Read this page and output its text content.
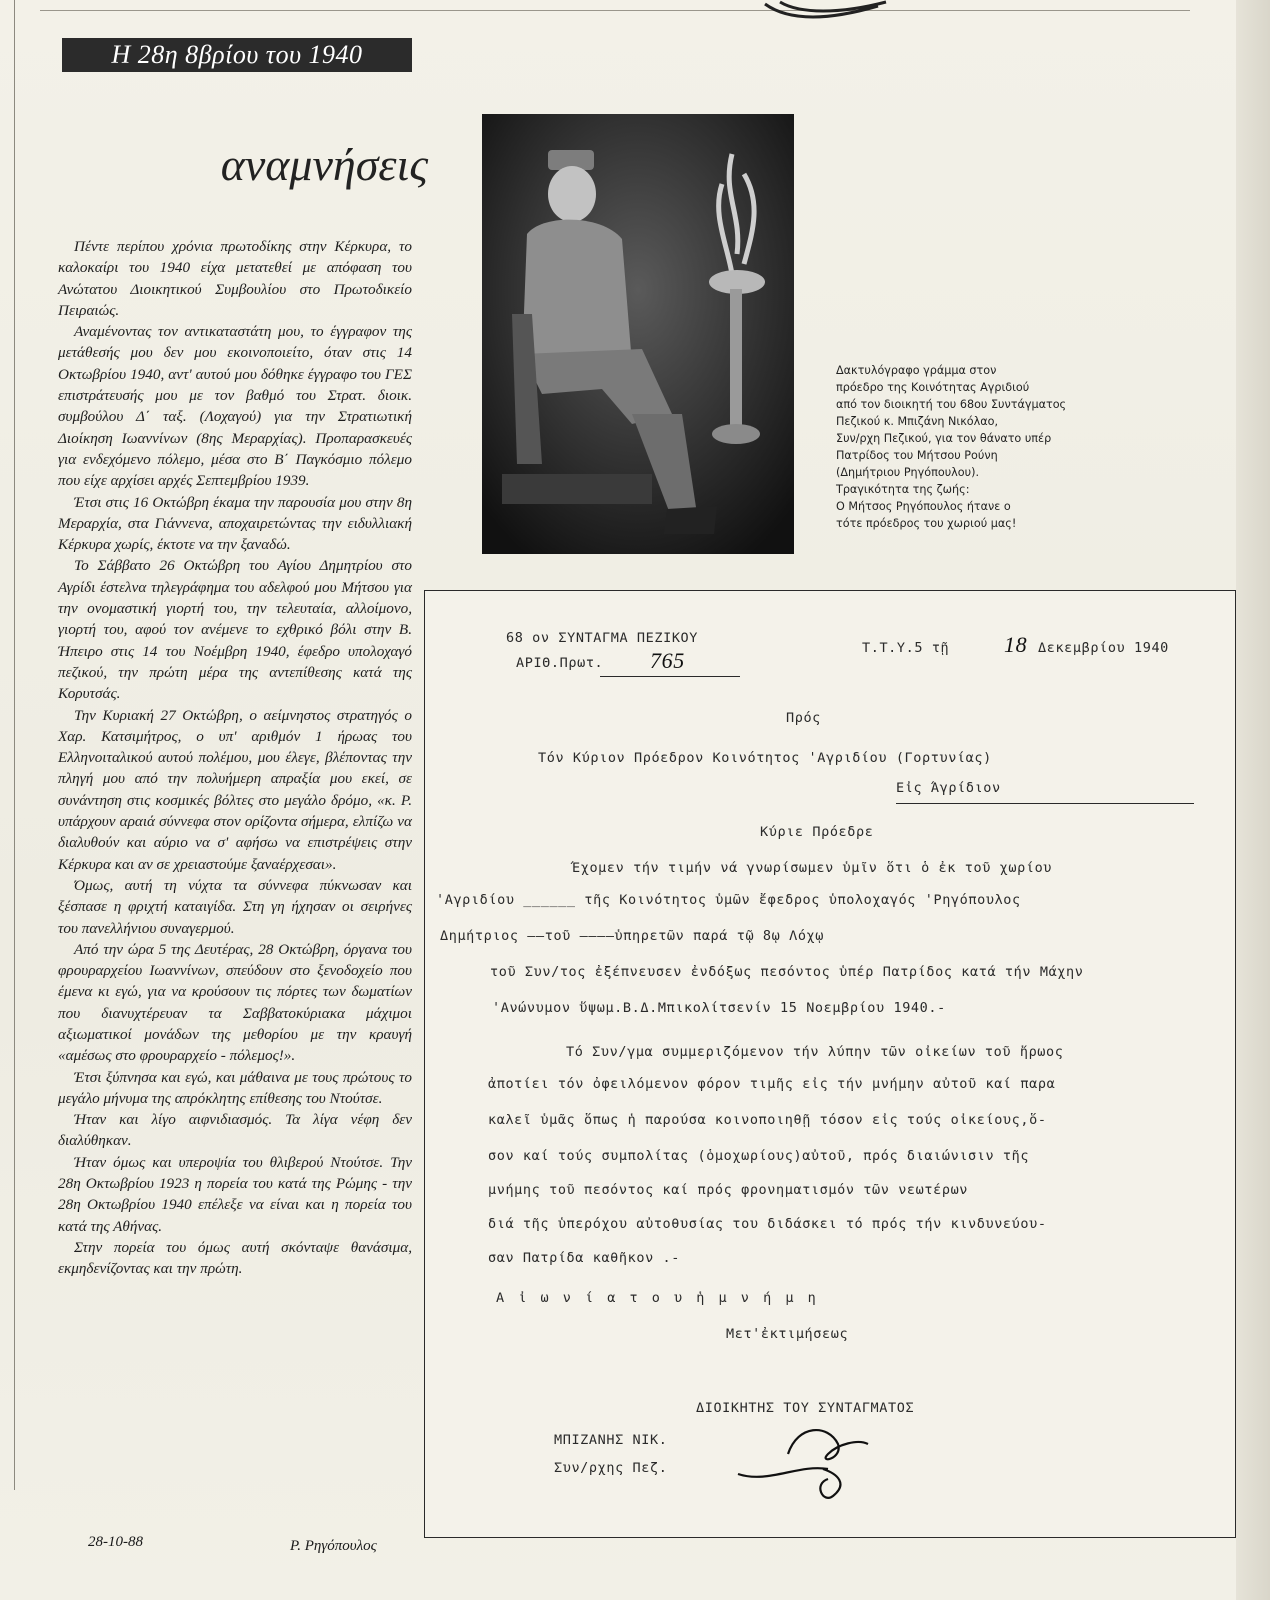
Η 28η 8βρίου του 1940
αναμνήσεις

Πέντε περίπου χρόνια πρωτοδίκης στην Κέρκυρα, το καλοκαίρι του 1940 είχα μετατεθεί με απόφαση του Ανώτατου Διοικητικού Συμβουλίου στο Πρωτοδικείο Πειραιώς.

Αναμένοντας τον αντικαταστάτη μου, το έγγραφον της μετάθεσής μου δεν μου εκοινοποιείτο, όταν στις 14 Οκτωβρίου 1940, αντ' αυτού μου δόθηκε έγγραφο του ΓΕΣ επιστράτευσής μου με τον βαθμό του Στρατ. διοικ. συμβούλου Δ΄ ταξ. (Λοχαγού) για την Στρατιωτική Διοίκηση Ιωαννίνων (8ης Μεραρχίας). Προπαρασκευές για ενδεχόμενο πόλεμο, μέσα στο Β΄ Παγκόσμιο πόλεμο που είχε αρχίσει αρχές Σεπτεμβρίου 1939.

Έτσι στις 16 Οκτώβρη έκαμα την παρουσία μου στην 8η Μεραρχία, στα Γιάννενα, αποχαιρετώντας την ειδυλλιακή Κέρκυρα χωρίς, έκτοτε να την ξαναδώ.

Το Σάββατο 26 Οκτώβρη του Αγίου Δημητρίου στο Αγρίδι έστελνα τηλεγράφημα του αδελφού μου Μήτσου για την ονομαστική γιορτή του, την τελευταία, αλλοίμονο, γιορτή του, αφού τον ανέμενε το εχθρικό βόλι στην Β. Ήπειρο στις 14 του Νοέμβρη 1940, έφεδρο υπολοχαγό πεζικού, την πρώτη μέρα της αντεπίθεσης κατά της Κορυτσάς.

Την Κυριακή 27 Οκτώβρη, ο αείμνηστος στρατηγός ο Χαρ. Κατσιμήτρος, ο υπ' αριθμόν 1 ήρωας του Ελληνοιταλικού αυτού πολέμου, μου έλεγε, βλέποντας την πληγή μου από την πολυήμερη απραξία μου εκεί, σε συνάντηση στις κοσμικές βόλτες στο μεγάλο δρόμο, «κ. Ρ. υπάρχουν αραιά σύννεφα στον ορίζοντα σήμερα, ελπίζω να διαλυθούν και αύριο να σ' αφήσω να επιστρέψεις στην Κέρκυρα και αν σε χρειαστούμε ξαναέρχεσαι».

Όμως, αυτή τη νύχτα τα σύννεφα πύκνωσαν και ξέσπασε η φριχτή καταιγίδα. Στη γη ήχησαν οι σειρήνες του πανελλήνιου συναγερμού.

Από την ώρα 5 της Δευτέρας, 28 Οκτώβρη, όργανα του φρουραρχείου Ιωαννίνων, σπεύδουν στο ξενοδοχείο που έμενα κι εγώ, για να κρούσουν τις πόρτες των δωματίων που διανυχτέρευαν τα Σαββατοκύριακα μάχιμοι αξιωματικοί μονάδων της μεθορίου με την κραυγή «αμέσως στο φρουραρχείο - πόλεμος!».

Έτσι ξύπνησα και εγώ, και μάθαινα με τους πρώτους το μεγάλο μήνυμα της απρόκλητης επίθεσης του Ντούτσε.

Ήταν και λίγο αιφνιδιασμός. Τα λίγα νέφη δεν διαλύθηκαν.

Ήταν όμως και υπεροψία του θλιβερού Ντούτσε. Την 28η Οκτωβρίου 1923 η πορεία του κατά της Ρώμης - την 28η Οκτωβρίου 1940 επέλεξε να είναι και η πορεία του κατά της Αθήνας.

Στην πορεία του όμως αυτή σκόνταψε θανάσιμα, εκμηδενίζοντας και την πρώτη.

28-10-88	Ρ. Ρηγόπουλος
Δακτυλόγραφο γράμμα στον
πρόεδρο της Κοινότητας Αγριδιού
από τον διοικητή του 68ου Συντάγματος
Πεζικού κ. Μπιζάνη Νικόλαο,
Συν/ρχη Πεζικού, για τον θάνατο υπέρ
Πατρίδος του Μήτσου Ρούνη
(Δημήτριου Ρηγόπουλου).
Τραγικότητα της ζωής:
Ο Μήτσος Ρηγόπουλος ήτανε ο
τότε πρόεδρος του χωριού μας!
68 ον ΣΥΝΤΑΓΜΑ ΠΕΖΙΚΟΥ
ΑΡΙΘ.Πρωτ. 765	Τ.Τ.Υ.5 τῇ 18 Δεκεμβρίου 1940
Πρός
Τόν Κύριον Πρόεδρον Κοινότητος 'Αγριδίου (Γορτυνίας)
Εἰς Άγρίδιον
Κύριε Πρόεδρε
Έχομεν τήν τιμήν νά γνωρίσωμεν ὑμῖν ὅτι ὁ ἐκ τοῦ χωρίου
'Αγριδίου ______ τῆς Κοινότητος ὑμῶν ἔφεδρος ὑπολοχαγός 'Ρηγόπουλος
Δημήτριος ——τοῦ ————ὑπηρετῶν παρά τῷ 8ῳ Λόχῳ
τοῦ Συν/τος ἐξέπνευσεν ἐνδόξως πεσόντος ὑπέρ Πατρίδος κατά τήν Μάχην
'Ανώνυμον ὕψωμ.Β.Δ.Μπικολίτσενίν 15 Νοεμβρίου 1940.-
Τό Συν/γμα συμμεριζόμενον τήν λύπην τῶν οἰκείων τοῦ ἥρωος
ἀποτίει τόν ὀφειλόμενον φόρον τιμῆς εἰς τήν μνήμην αὐτοῦ καί παρα
καλεῖ ὑμᾶς ὅπως ἡ παρούσα κοινοποιηθῇ τόσον εἰς τούς οἰκείους,ὅ-
σον καί τούς συμπολίτας (ὁμοχωρίους)αὐτοῦ, πρός διαιώνισιν τῆς
μνήμης τοῦ πεσόντος καί πρός φρονηματισμόν τῶν νεωτέρων
διά τῆς ὑπερόχου αὐτοθυσίας του διδάσκει τό πρός τήν κινδυνεύου-
σαν Πατρίδα καθῆκον .-
Α ἰ ω ν ί α τ ο υ ἡ μ ν ή μ η
Μετ'ἐκτιμήσεως
ΔΙΟΙΚΗΤΗΣ ΤΟΥ ΣΥΝΤΑΓΜΑΤΟΣ
ΜΠΙΖΑΝΗΣ ΝΙΚ.
Συν/ρχης Πεζ.
